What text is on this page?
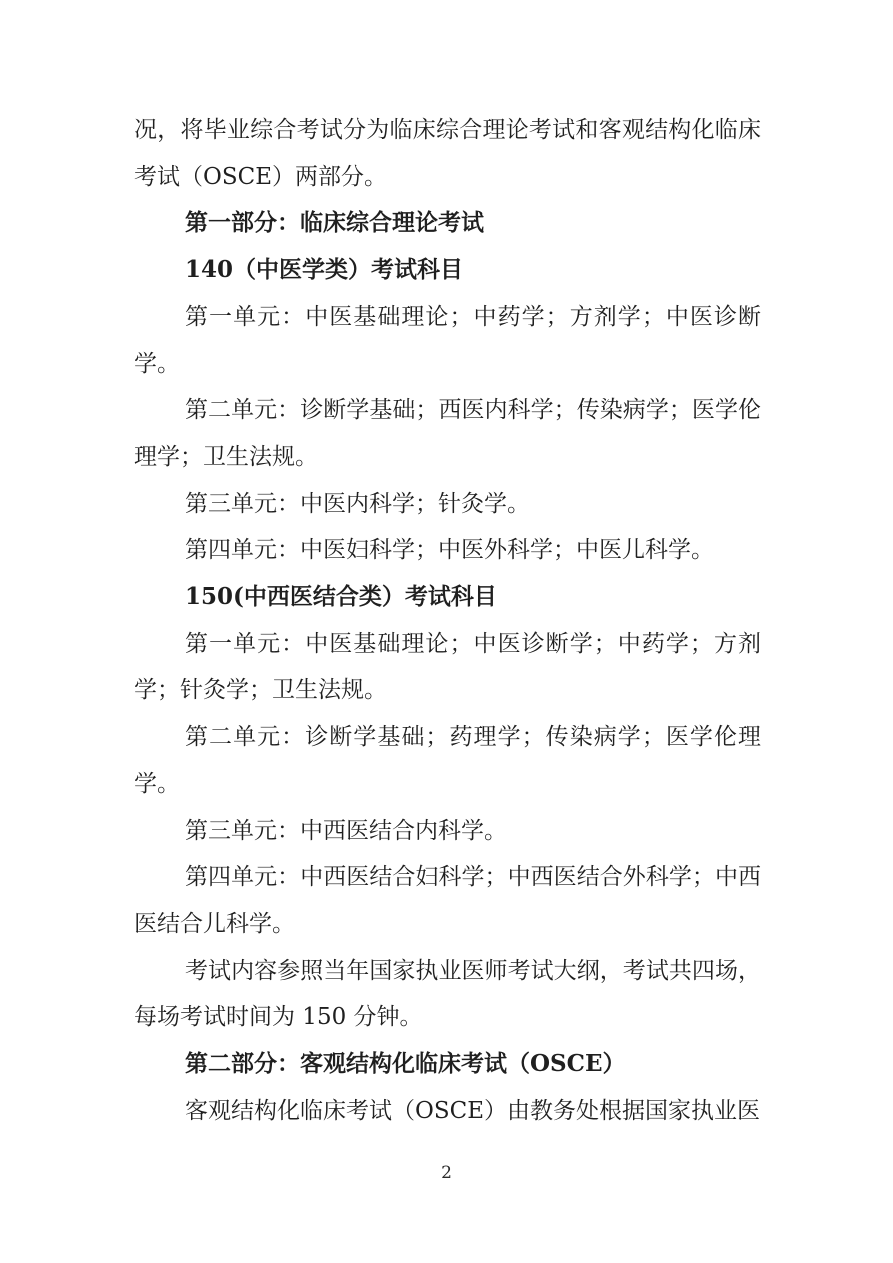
况，将毕业综合考试分为临床综合理论考试和客观结构化临床考试（OSCE）两部分。

第一部分：临床综合理论考试

140（中医学类）考试科目

第一单元：中医基础理论；中药学；方剂学；中医诊断学。

第二单元：诊断学基础；西医内科学；传染病学；医学伦理学；卫生法规。

第三单元：中医内科学；针灸学。

第四单元：中医妇科学；中医外科学；中医儿科学。

150(中西医结合类）考试科目

第一单元：中医基础理论；中医诊断学；中药学；方剂学；针灸学；卫生法规。

第二单元：诊断学基础；药理学；传染病学；医学伦理学。

第三单元：中西医结合内科学。

第四单元：中西医结合妇科学；中西医结合外科学；中西医结合儿科学。

考试内容参照当年国家执业医师考试大纲，考试共四场，每场考试时间为 150 分钟。

第二部分：客观结构化临床考试（OSCE）

客观结构化临床考试（OSCE）由教务处根据国家执业医

2
